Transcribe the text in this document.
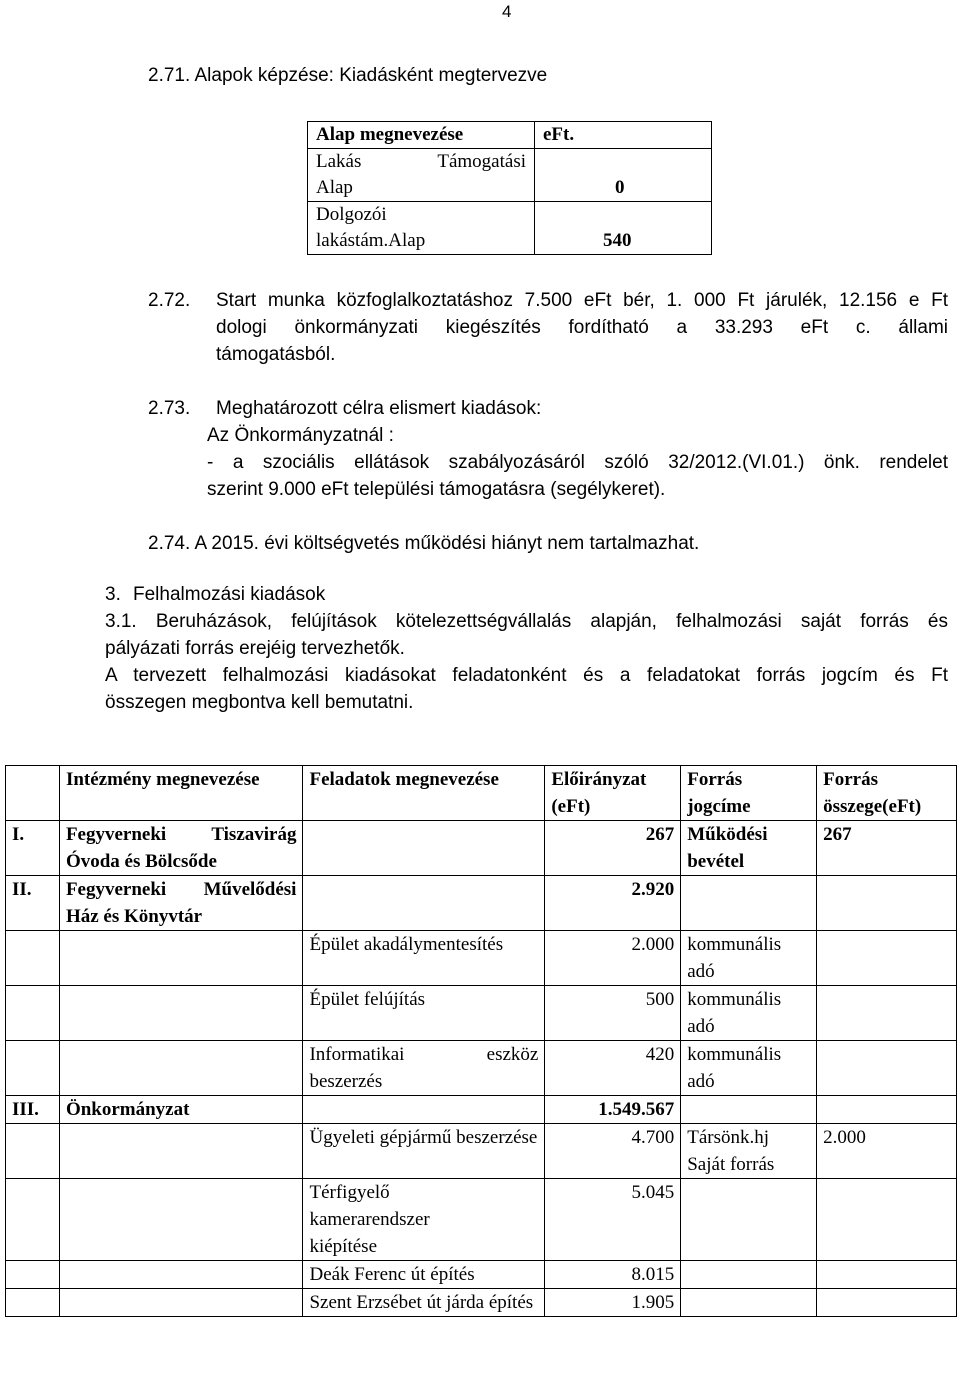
4
2.71. Alapok képzése: Kiadásként megtervezve
Alap megnevezése	eFt.

Lakás Támogatási
Alap	0

Dolgozói
lakástám.Alap	540
2.72. Start munka közfoglalkoztatáshoz 7.500 eFt bér, 1. 000 Ft járulék, 12.156 e Ft
dologi önkormányzati kiegészítés fordítható a 33.293 eFt c. állami
támogatásból.
2.73. Meghatározott célra elismert kiadások:
Az Önkormányzatnál :
- a szociális ellátások szabályozásáról szóló 32/2012.(VI.01.) önk. rendelet
szerint 9.000 eFt települési támogatásra (segélykeret).
2.74. A 2015. évi költségvetés működési hiányt nem tartalmazhat.
3. Felhalmozási kiadások
3.1. Beruházások, felújítások kötelezettségvállalás alapján, felhalmozási saját forrás és
pályázati forrás erejéig tervezhetők.
A tervezett felhalmozási kiadásokat feladatonként és a feladatokat forrás jogcím és Ft
összegen megbontva kell bemutatni.
	Intézmény megnevezése	Feladatok megnevezése	Előirányzat (eFt)	Forrás jogcíme	Forrás összege(eFt)
I.	Fegyverneki Tiszavirág Óvoda és Bölcsőde		267	Működési bevétel	267
II.	Fegyverneki Művelődési Ház és Könyvtár		2.920		
		Épület akadálymentesítés	2.000	kommunális adó	
		Épület felújítás	500	kommunális adó	
		Informatikai eszköz beszerzés	420	kommunális adó	
III.	Önkormányzat		1.549.567		
		Ügyeleti gépjármű beszerzése	4.700	Társönk.hj Saját forrás	2.000
		Térfigyelő kamerarendszer kiépítése	5.045		
		Deák Ferenc út építés	8.015		
		Szent Erzsébet út járda építés	1.905		
